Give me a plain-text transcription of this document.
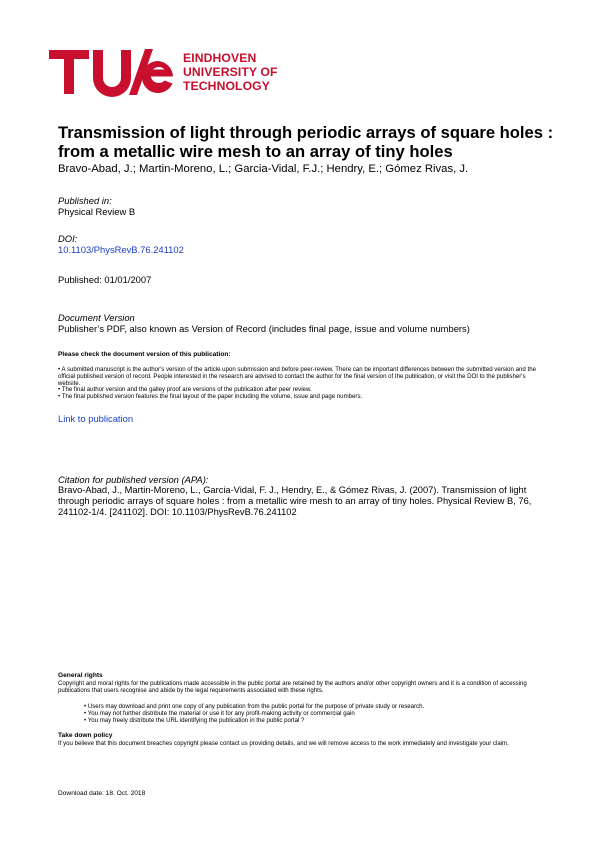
EINDHOVEN
UNIVERSITY OF
TECHNOLOGY
Transmission of light through periodic arrays of square holes : from a metallic wire mesh to an array of tiny holes
Bravo-Abad, J.; Martin-Moreno, L.; Garcia-Vidal, F.J.; Hendry, E.; Gómez Rivas, J.
Published in:
Physical Review B
DOI:
10.1103/PhysRevB.76.241102
Published: 01/01/2007
Document Version
Publisher’s PDF, also known as Version of Record (includes final page, issue and volume numbers)
Please check the document version of this publication:
• A submitted manuscript is the author's version of the article upon submission and before peer-review. There can be important differences between the submitted version and the official published version of record. People interested in the research are advised to contact the author for the final version of the publication, or visit the DOI to the publisher's website.
• The final author version and the galley proof are versions of the publication after peer review.
• The final published version features the final layout of the paper including the volume, issue and page numbers.
Link to publication
Citation for published version (APA):
Bravo-Abad, J., Martin-Moreno, L., Garcia-Vidal, F. J., Hendry, E., & Gómez Rivas, J. (2007). Transmission of light through periodic arrays of square holes : from a metallic wire mesh to an array of tiny holes. Physical Review B, 76, 241102-1/4. [241102]. DOI: 10.1103/PhysRevB.76.241102
General rights
Copyright and moral rights for the publications made accessible in the public portal are retained by the authors and/or other copyright owners and it is a condition of accessing publications that users recognise and abide by the legal requirements associated with these rights.
• Users may download and print one copy of any publication from the public portal for the purpose of private study or research.
• You may not further distribute the material or use it for any profit-making activity or commercial gain
• You may freely distribute the URL identifying the publication in the public portal ?
Take down policy
If you believe that this document breaches copyright please contact us providing details, and we will remove access to the work immediately and investigate your claim.
Download date: 18. Oct. 2018
